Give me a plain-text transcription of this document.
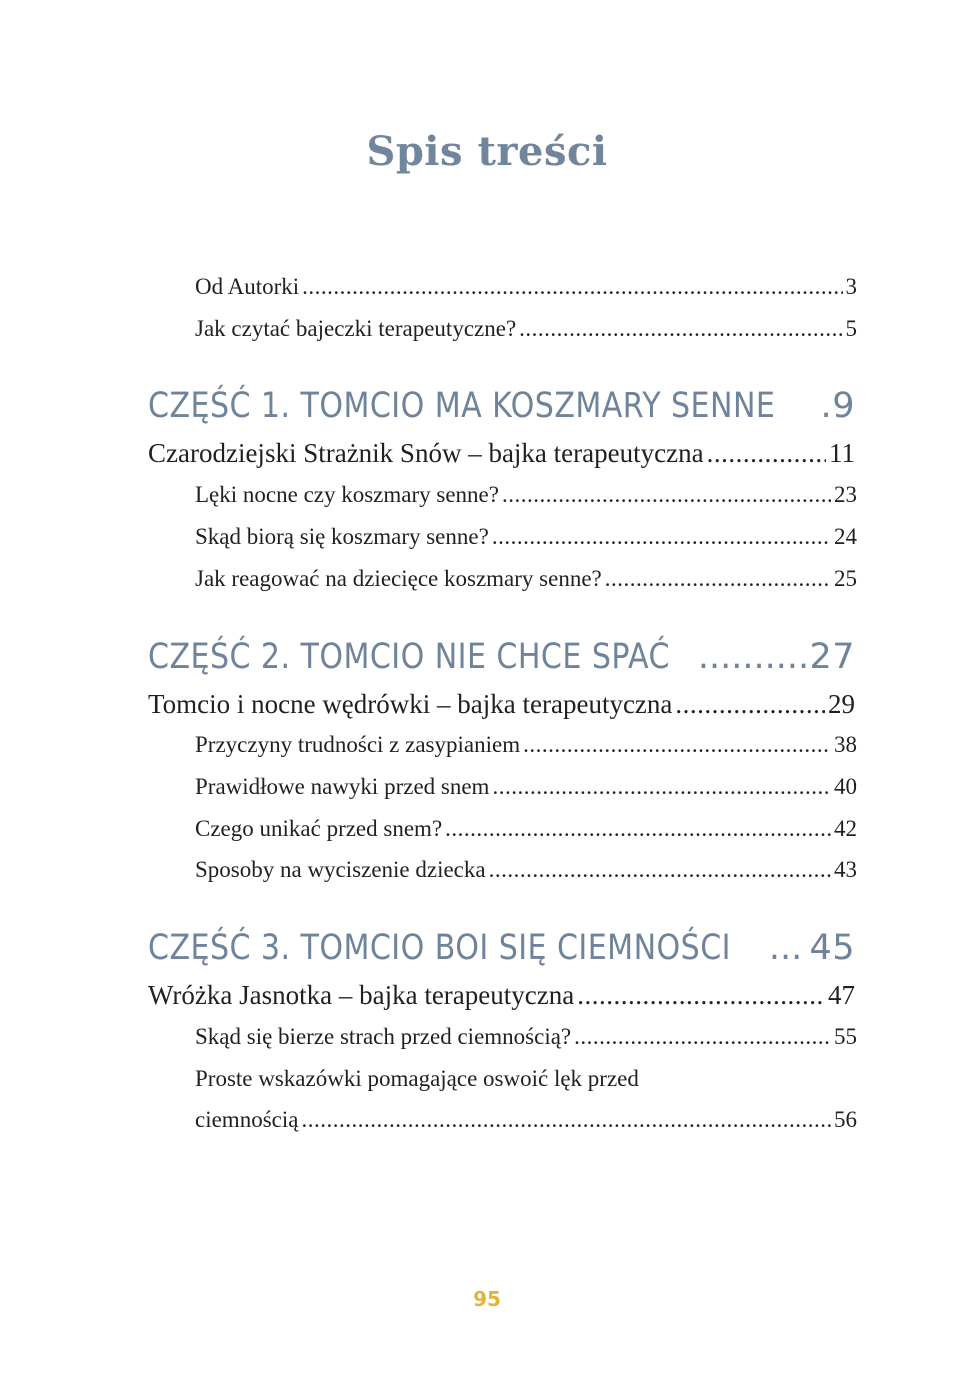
Spis treści
Od Autorki .....	3
Jak czytać bajeczki terapeutyczne? .....	5
CZĘŚĆ 1. TOMCIO MA KOSZMARY SENNE ..... 9
Czarodziejski Strażnik Snów – bajka terapeutyczna .....	11
Lęki nocne czy koszmary senne? .....	23
Skąd biorą się koszmary senne? .....	24
Jak reagować na dziecięce koszmary senne? .....	25
CZĘŚĆ 2. TOMCIO NIE CHCE SPAĆ .....	27
Tomcio i nocne wędrówki – bajka terapeutyczna .....	29
Przyczyny trudności z zasypianiem .....	38
Prawidłowe nawyki przed snem .....	40
Czego unikać przed snem? .....	42
Sposoby na wyciszenie dziecka .....	43
CZĘŚĆ 3. TOMCIO BOI SIĘ CIEMNOŚCI ..... 45
Wróżka Jasnotka – bajka terapeutyczna .....	47
Skąd się bierze strach przed ciemnością? .....	55
Proste wskazówki pomagające oswoić lęk przed
ciemnością .....	56
95
